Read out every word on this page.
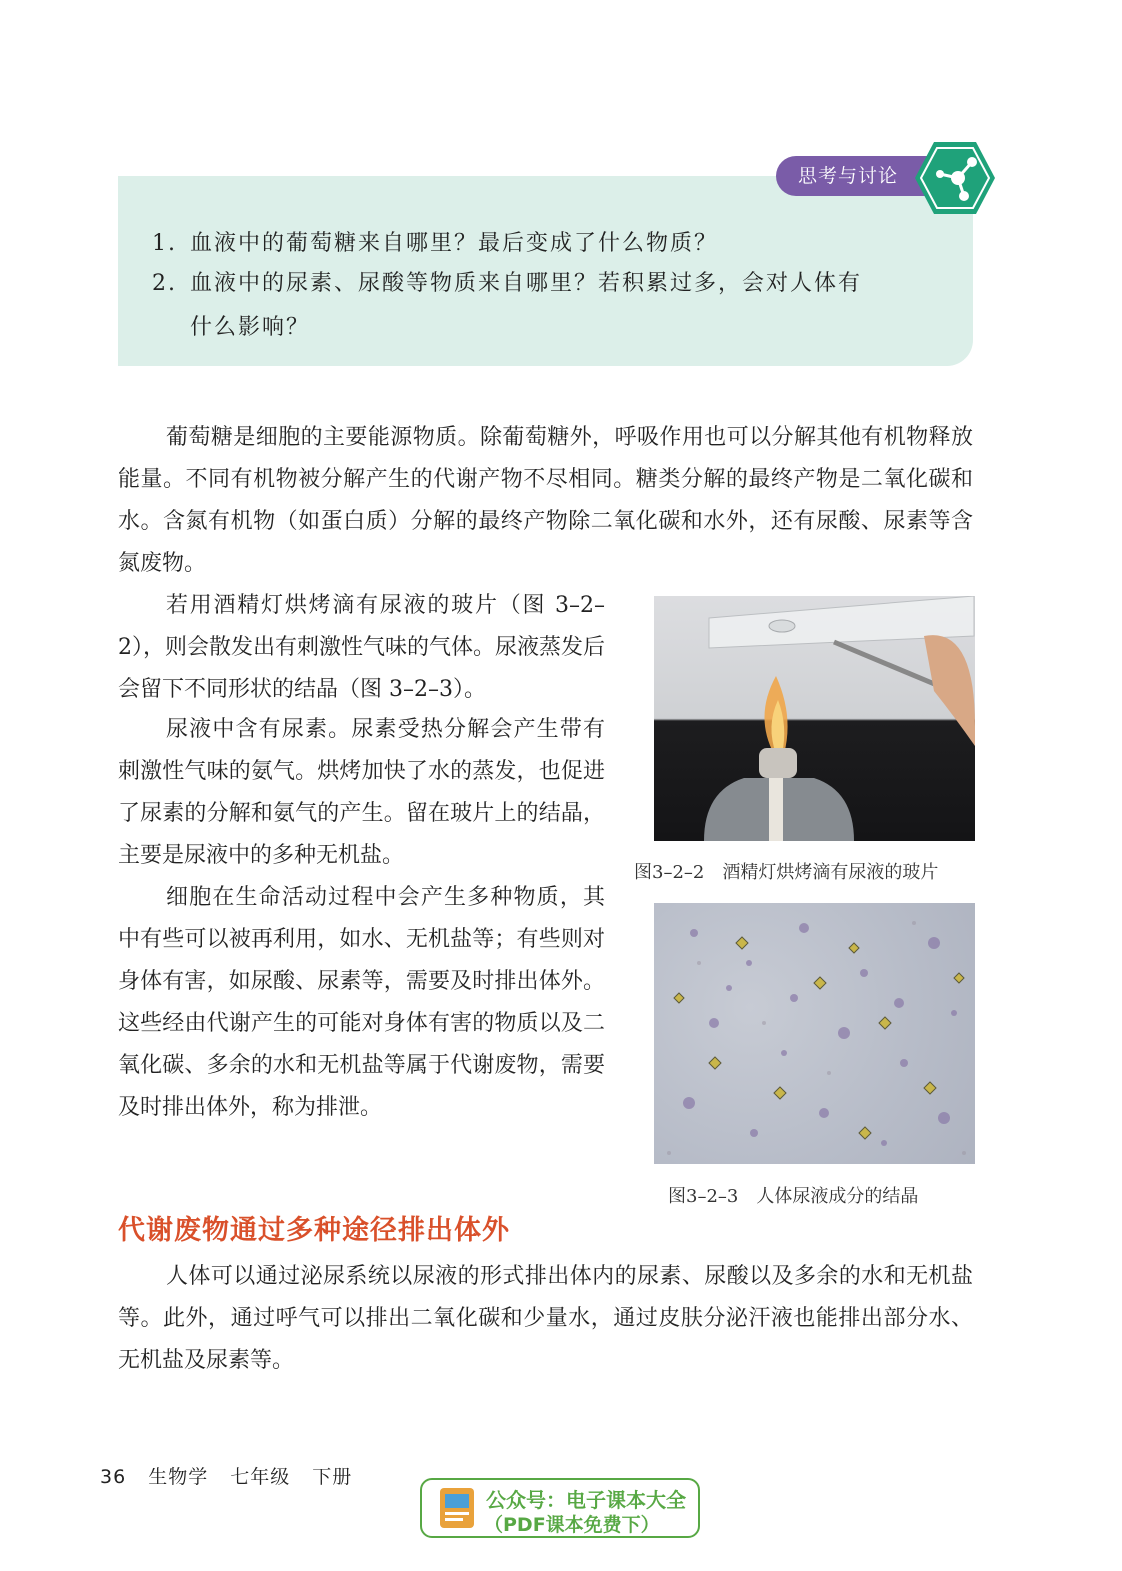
思考与讨论
1. 血液中的葡萄糖来自哪里？最后变成了什么物质？
2. 血液中的尿素、尿酸等物质来自哪里？若积累过多，会对人体有
什么影响？

葡萄糖是细胞的主要能源物质。除葡萄糖外，呼吸作用也可以分解其他有机物释放能量。不同有机物被分解产生的代谢产物不尽相同。糖类分解的最终产物是二氧化碳和水。含氮有机物（如蛋白质）分解的最终产物除二氧化碳和水外，还有尿酸、尿素等含氮废物。

若用酒精灯烘烤滴有尿液的玻片（图 3–2–2），则会散发出有刺激性气味的气体。尿液蒸发后会留下不同形状的结晶（图 3–2–3）。

尿液中含有尿素。尿素受热分解会产生带有刺激性气味的氨气。烘烤加快了水的蒸发，也促进了尿素的分解和氨气的产生。留在玻片上的结晶，主要是尿液中的多种无机盐。

细胞在生命活动过程中会产生多种物质，其中有些可以被再利用，如水、无机盐等；有些则对身体有害，如尿酸、尿素等，需要及时排出体外。这些经由代谢产生的可能对身体有害的物质以及二氧化碳、多余的水和无机盐等属于代谢废物，需要及时排出体外，称为排泄。

图3–2–2　酒精灯烘烤滴有尿液的玻片
图3–2–3　人体尿液成分的结晶
代谢废物通过多种途径排出体外

人体可以通过泌尿系统以尿液的形式排出体内的尿素、尿酸以及多余的水和无机盐等。此外，通过呼气可以排出二氧化碳和少量水，通过皮肤分泌汗液也能排出部分水、无机盐及尿素等。

36 生物学 七年级 下册
公众号：电子课本大全
（PDF课本免费下）
